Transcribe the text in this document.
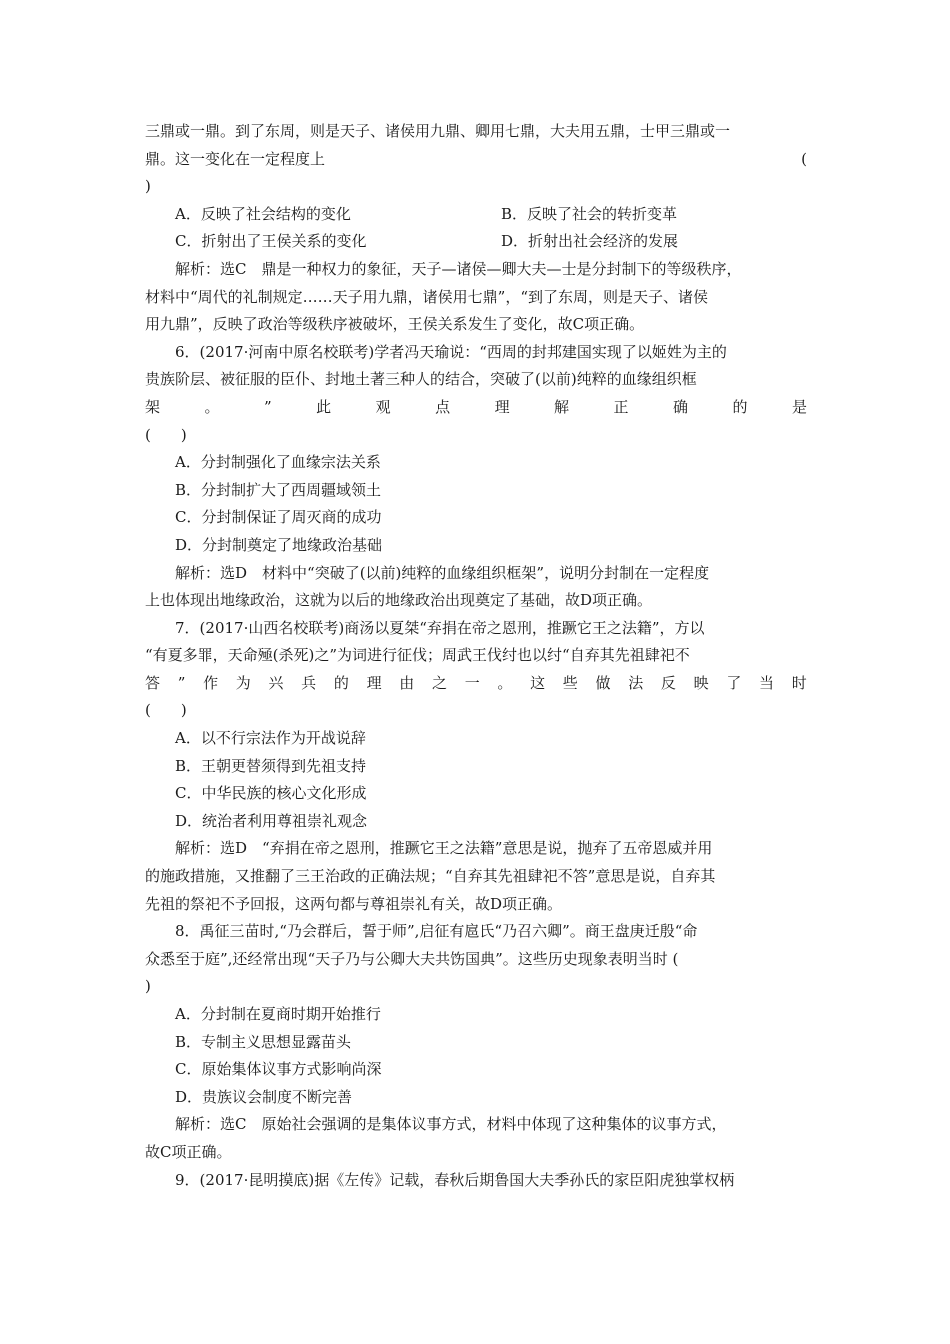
三鼎或一鼎。到了东周，则是天子、诸侯用九鼎、卿用七鼎，大夫用五鼎，士甲三鼎或一
鼎。这一变化在一定程度上	(
)
A．反映了社会结构的变化	B．反映了社会的转折变革
C．折射出了王侯关系的变化	D．折射出社会经济的发展
解析：选C　鼎是一种权力的象征，天子—诸侯—卿大夫—士是分封制下的等级秩序，
材料中“周代的礼制规定……天子用九鼎，诸侯用七鼎”，“到了东周，则是天子、诸侯
用九鼎”，反映了政治等级秩序被破坏，王侯关系发生了变化，故C项正确。
6．(2017·河南中原名校联考)学者冯天瑜说：“西周的封邦建国实现了以姬姓为主的
贵族阶层、被征服的臣仆、封地土著三种人的结合，突破了(以前)纯粹的血缘组织框
架	。	”	此	观	点	理	解	正	确	的	是
(　　)
A．分封制强化了血缘宗法关系
B．分封制扩大了西周疆域领土
C．分封制保证了周灭商的成功
D．分封制奠定了地缘政治基础
解析：选D　材料中“突破了(以前)纯粹的血缘组织框架”，说明分封制在一定程度
上也体现出地缘政治，这就为以后的地缘政治出现奠定了基础，故D项正确。
7．(2017·山西名校联考)商汤以夏桀“弃捐在帝之恩刑，推蹶它王之法籍”，方以
“有夏多罪，天命殛(杀死)之”为词进行征伐；周武王伐纣也以纣“自弃其先祖肆祀不
答 ” 作 为 兴 兵 的 理 由 之 一 。 这 些 做 法 反 映 了 当 时
(　　)
A．以不行宗法作为开战说辞
B．王朝更替须得到先祖支持
C．中华民族的核心文化形成
D．统治者利用尊祖崇礼观念
解析：选D　“弃捐在帝之恩刑，推蹶它王之法籍”意思是说，抛弃了五帝恩威并用
的施政措施，又推翻了三王治政的正确法规；“自弃其先祖肆祀不答”意思是说，自弃其
先祖的祭祀不予回报，这两句都与尊祖崇礼有关，故D项正确。
8．禹征三苗时,“乃会群后，誓于师”,启征有扈氏“乃召六卿”。商王盘庚迁殷“命
众悉至于庭”,还经常出现“天子乃与公卿大夫共饬国典”。这些历史现象表明当时 (
)
A．分封制在夏商时期开始推行
B．专制主义思想显露苗头
C．原始集体议事方式影响尚深
D．贵族议会制度不断完善
解析：选C　原始社会强调的是集体议事方式，材料中体现了这种集体的议事方式，
故C项正确。
9．(2017·昆明摸底)据《左传》记载，春秋后期鲁国大夫季孙氏的家臣阳虎独掌权柄
